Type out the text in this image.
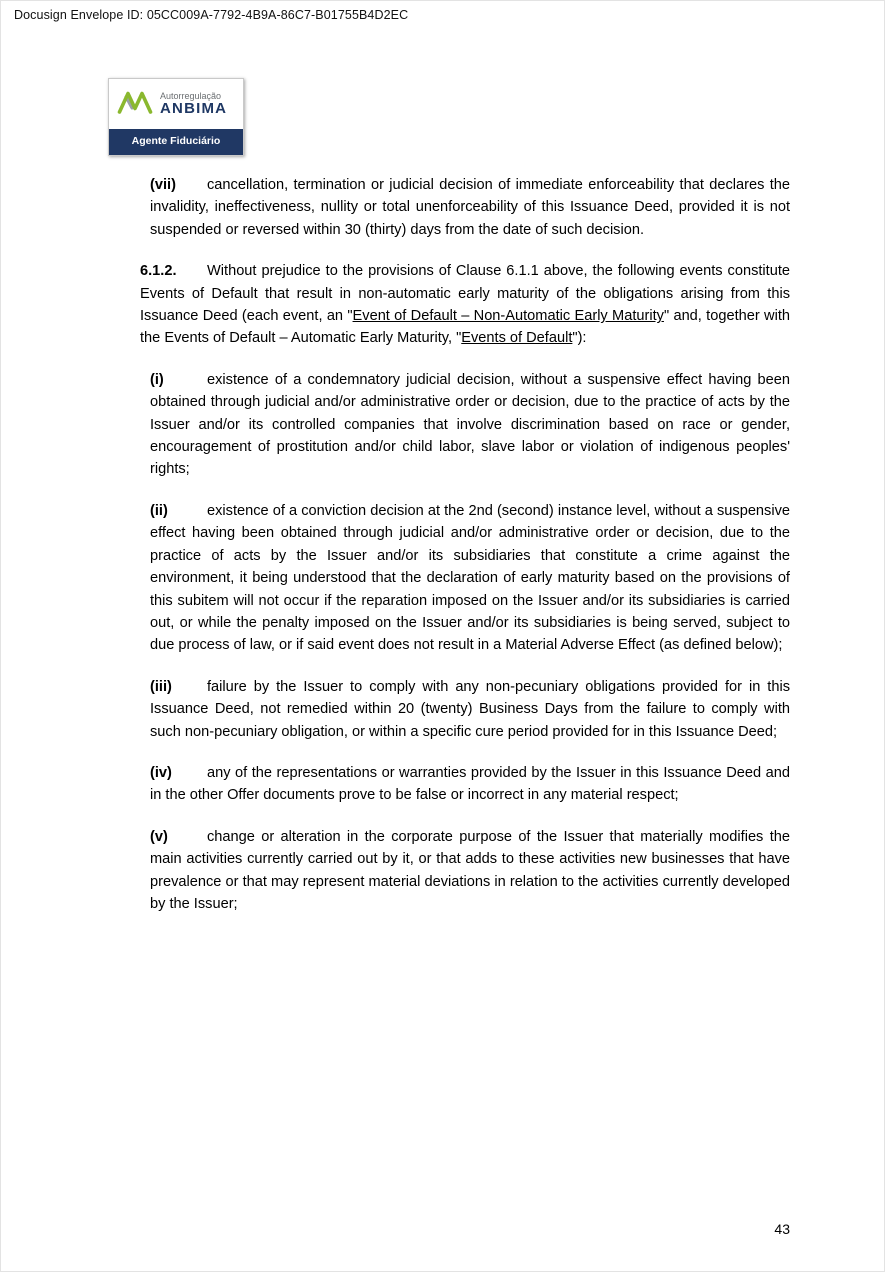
Docusign Envelope ID: 05CC009A-7792-4B9A-86C7-B01755B4D2EC
Autorregulação
ANBIMA
Agente Fiduciário

(vii) cancellation, termination or judicial decision of immediate enforceability that declares the invalidity, ineffectiveness, nullity or total unenforceability of this Issuance Deed, provided it is not suspended or reversed within 30 (thirty) days from the date of such decision.

6.1.2. Without prejudice to the provisions of Clause 6.1.1 above, the following events constitute Events of Default that result in non-automatic early maturity of the obligations arising from this Issuance Deed (each event, an "Event of Default – Non-Automatic Early Maturity" and, together with the Events of Default – Automatic Early Maturity, "Events of Default"):

(i)	existence of a condemnatory judicial decision, without a suspensive effect having been obtained through judicial and/or administrative order or decision, due to the practice of acts by the Issuer and/or its controlled companies that involve discrimination based on race or gender, encouragement of prostitution and/or child labor, slave labor or violation of indigenous peoples' rights;

(ii)	existence of a conviction decision at the 2nd (second) instance level, without a suspensive effect having been obtained through judicial and/or administrative order or decision, due to the practice of acts by the Issuer and/or its subsidiaries that constitute a crime against the environment, it being understood that the declaration of early maturity based on the provisions of this subitem will not occur if the reparation imposed on the Issuer and/or its subsidiaries is carried out, or while the penalty imposed on the Issuer and/or its subsidiaries is being served, subject to due process of law, or if said event does not result in a Material Adverse Effect (as defined below);

(iii) failure by the Issuer to comply with any non-pecuniary obligations provided for in this Issuance Deed, not remedied within 20 (twenty) Business Days from the failure to comply with such non-pecuniary obligation, or within a specific cure period provided for in this Issuance Deed;

(iv) any of the representations or warranties provided by the Issuer in this Issuance Deed and in the other Offer documents prove to be false or incorrect in any material respect;

(v)	change or alteration in the corporate purpose of the Issuer that materially modifies the main activities currently carried out by it, or that adds to these activities new businesses that have prevalence or that may represent material deviations in relation to the activities currently developed by the Issuer;

43
